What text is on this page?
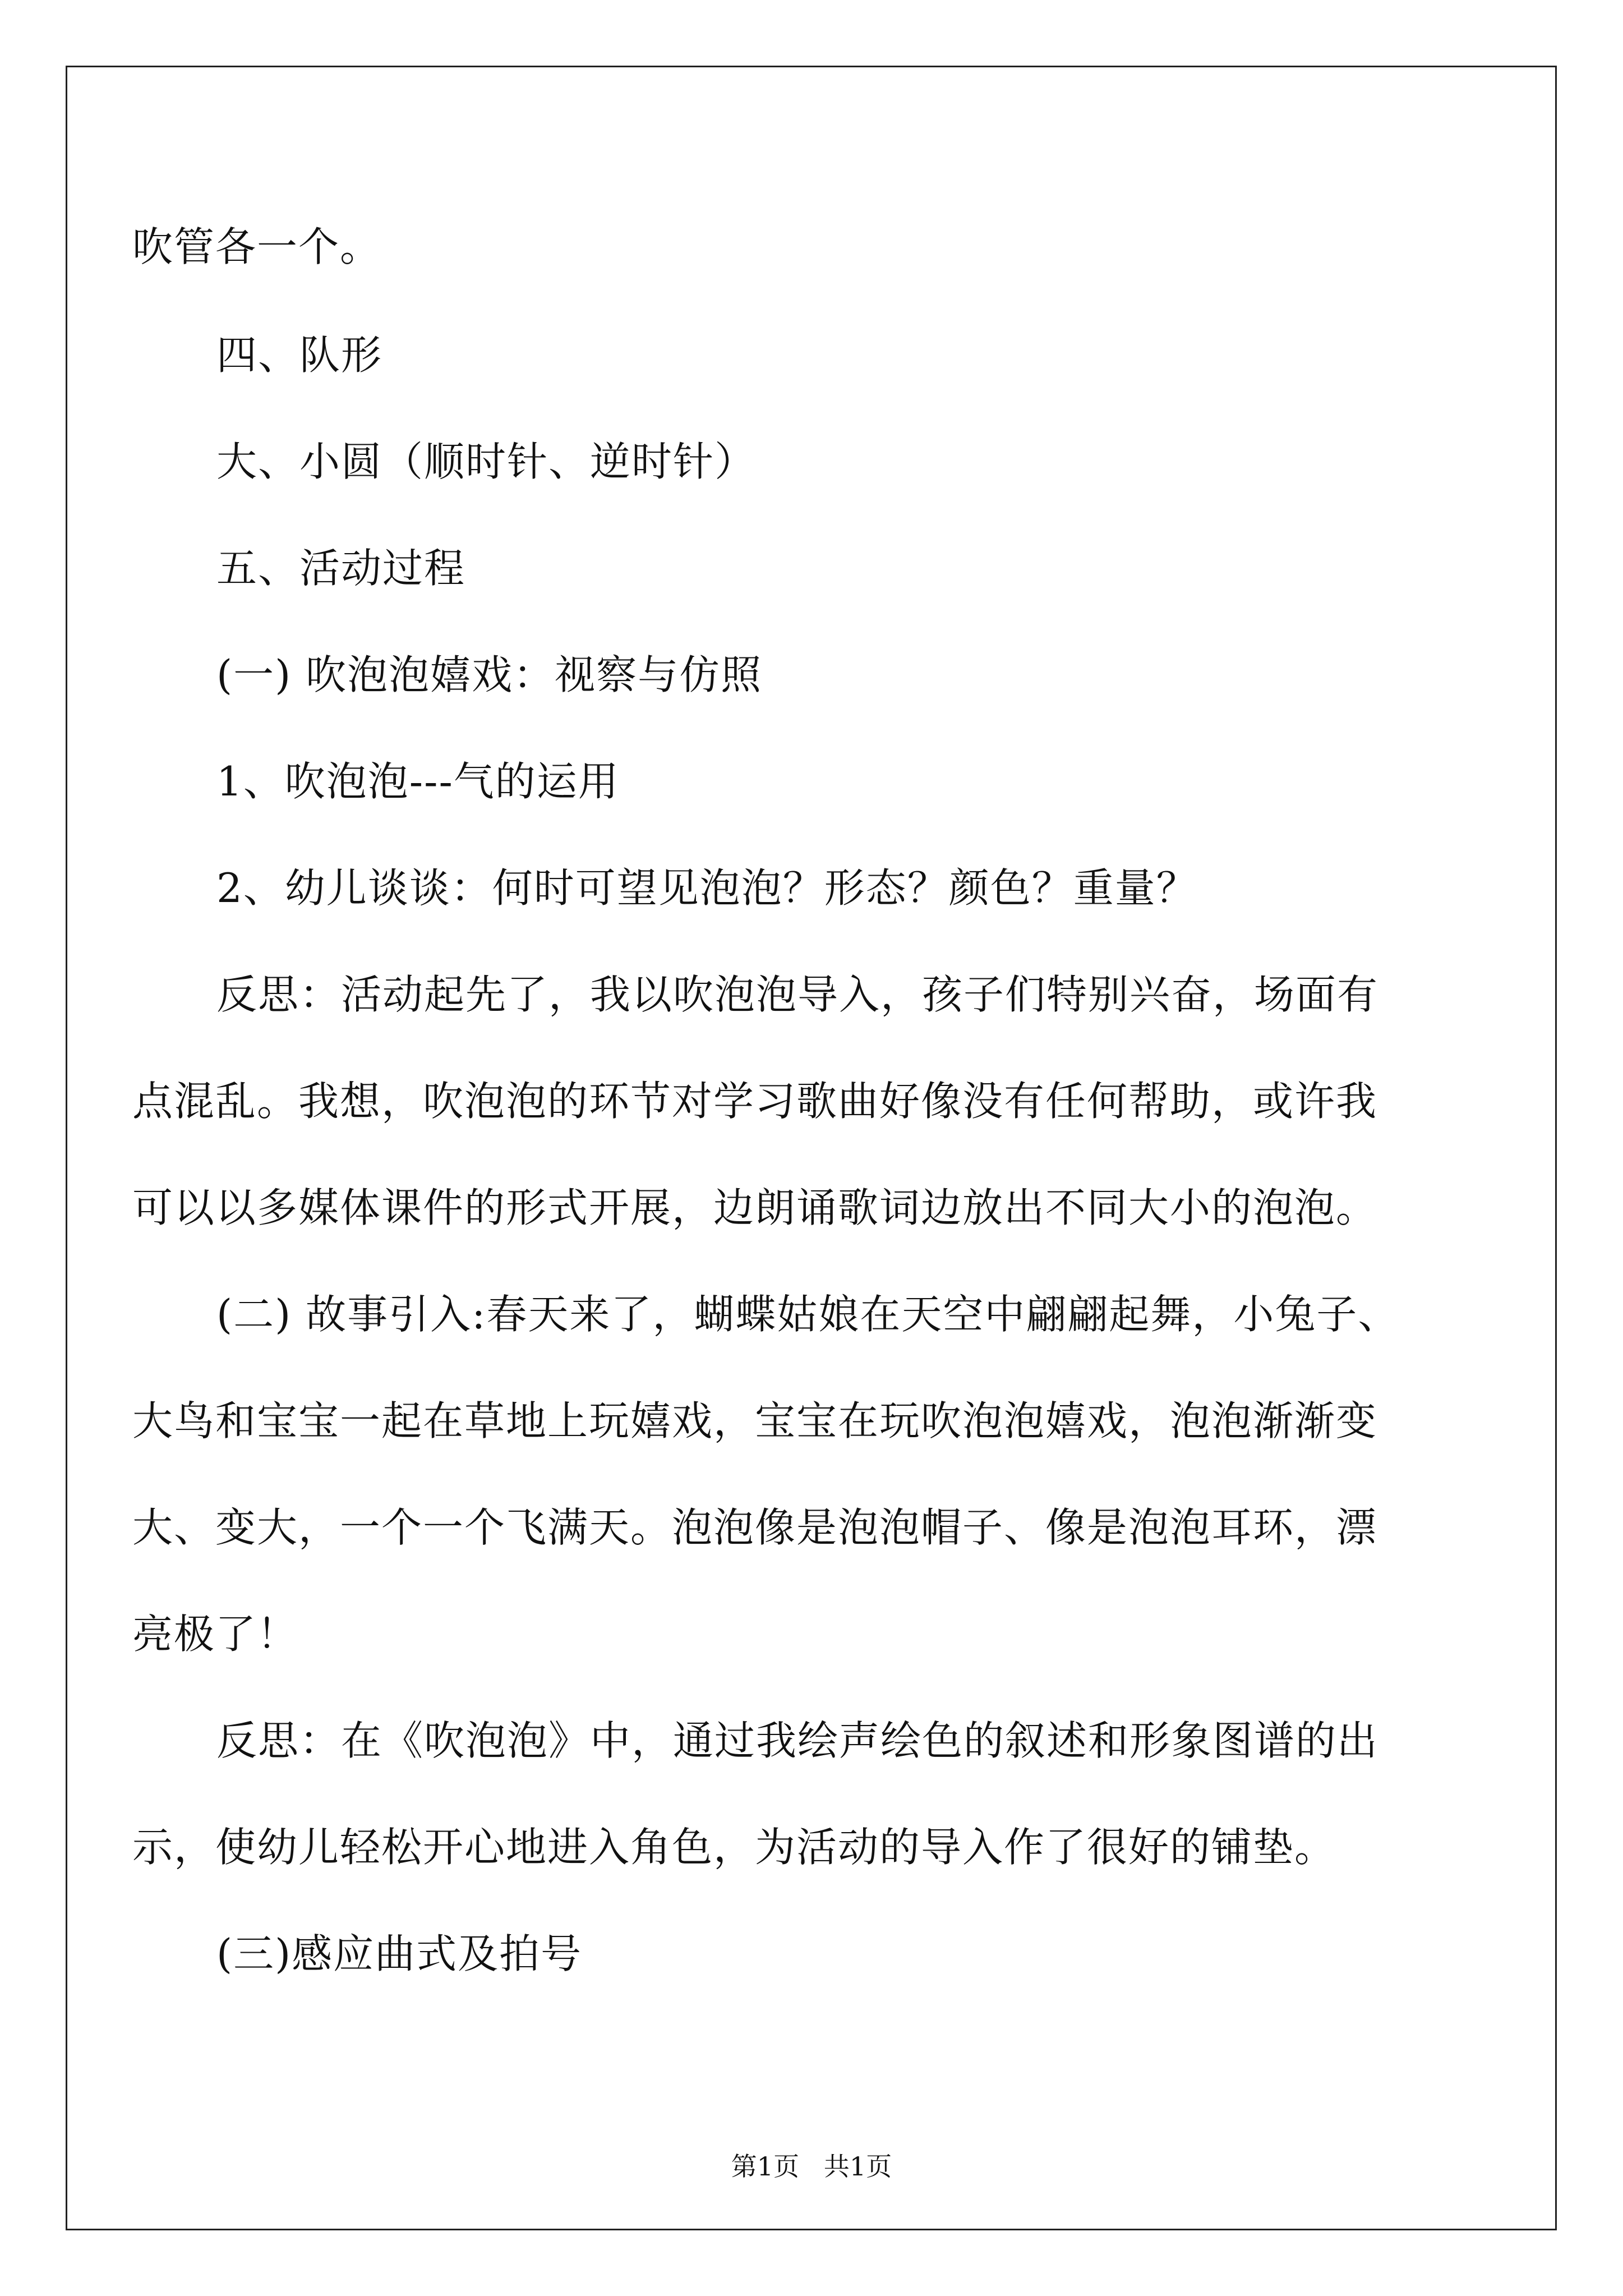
吹管各一个。
四、队形
大、小圆（顺时针、逆时针）
五、活动过程
(一) 吹泡泡嬉戏：视察与仿照
1、吹泡泡---气的运用
2、幼儿谈谈：何时可望见泡泡？形态？颜色？重量？
反思：活动起先了，我以吹泡泡导入，孩子们特别兴奋，场面有
点混乱。我想，吹泡泡的环节对学习歌曲好像没有任何帮助，或许我
可以以多媒体课件的形式开展，边朗诵歌词边放出不同大小的泡泡。
(二) 故事引入:春天来了，蝴蝶姑娘在天空中翩翩起舞，小兔子、
大鸟和宝宝一起在草地上玩嬉戏，宝宝在玩吹泡泡嬉戏，泡泡渐渐变
大、变大，一个一个飞满天。泡泡像是泡泡帽子、像是泡泡耳环，漂
亮极了！
反思：在《吹泡泡》中，通过我绘声绘色的叙述和形象图谱的出
示，使幼儿轻松开心地进入角色，为活动的导入作了很好的铺垫。
(三)感应曲式及拍号
第1页   共1页
